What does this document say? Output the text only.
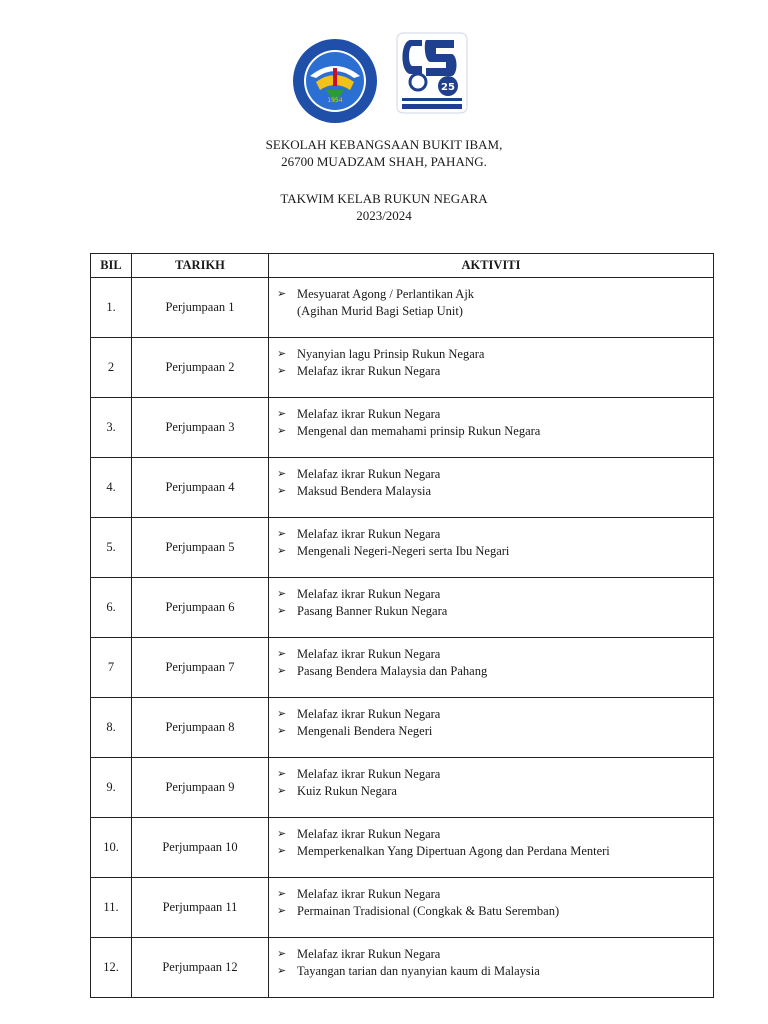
1954
25
SEKOLAH KEBANGSAAN BUKIT IBAM,
26700 MUADZAM SHAH, PAHANG.
TAKWIM KELAB RUKUN NEGARA
2023/2024
BIL	TARIKH	AKTIVITI
1.	Perjumpaan 1	➢ Mesyuarat Agong / Perlantikan Ajk
(Agihan Murid Bagi Setiap Unit)

2	Perjumpaan 2	➢ Nyanyian lagu Prinsip Rukun Negara
➢ Melafaz ikrar Rukun Negara

3.	Perjumpaan 3	➢ Melafaz ikrar Rukun Negara
➢ Mengenal dan memahami prinsip Rukun Negara

4.	Perjumpaan 4	➢ Melafaz ikrar Rukun Negara
➢ Maksud Bendera Malaysia

5.	Perjumpaan 5	➢ Melafaz ikrar Rukun Negara
➢ Mengenali Negeri-Negeri serta Ibu Negari

6.	Perjumpaan 6	➢ Melafaz ikrar Rukun Negara
➢ Pasang Banner Rukun Negara

7	Perjumpaan 7	➢ Melafaz ikrar Rukun Negara
➢ Pasang Bendera Malaysia dan Pahang

8.	Perjumpaan 8	➢ Melafaz ikrar Rukun Negara
➢ Mengenali Bendera Negeri

9.	Perjumpaan 9	➢ Melafaz ikrar Rukun Negara
➢ Kuiz Rukun Negara

10.	Perjumpaan 10	➢ Melafaz ikrar Rukun Negara
➢ Memperkenalkan Yang Dipertuan Agong dan Perdana Menteri

11.	Perjumpaan 11	➢ Melafaz ikrar Rukun Negara
➢ Permainan Tradisional (Congkak & Batu Seremban)

12.	Perjumpaan 12	➢ Melafaz ikrar Rukun Negara
➢ Tayangan tarian dan nyanyian kaum di Malaysia
